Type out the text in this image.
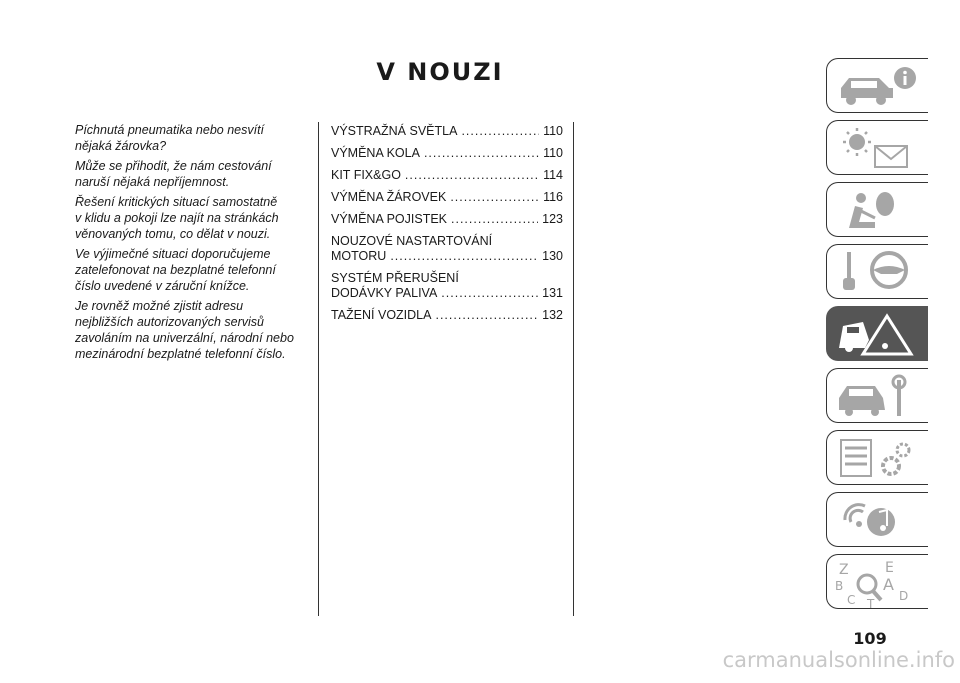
V NOUZI

Píchnutá pneumatika nebo nesvítí
nějaká žárovka?

Může se přihodit, že nám cestování
naruší nějaká nepříjemnost.

Řešení kritických situací samostatně
v klidu a pokoji lze najít na stránkách
věnovaných tomu, co dělat v nouzi.

Ve výjimečné situaci doporučujeme
zatelefonovat na bezplatné telefonní
číslo uvedené v záruční knížce.

Je rovněž možné zjistit adresu
nejbližších autorizovaných servisů
zavoláním na univerzální, národní nebo
mezinárodní bezplatné telefonní číslo.

VÝSTRAŽNÁ SVĚTLA .....	110
VÝMĚNA KOLA .....	110
KIT FIX&GO .....	114
VÝMĚNA ŽÁROVEK .....	116
VÝMĚNA POJISTEK .....	123
NOUZOVÉ NASTARTOVÁNÍ
MOTORU .....	130
SYSTÉM PŘERUŠENÍ
DODÁVKY PALIVA .....	131
TAŽENÍ VOZIDLA .....	132
Z	E
B A
C T
D
109
carmanualsonline.info
